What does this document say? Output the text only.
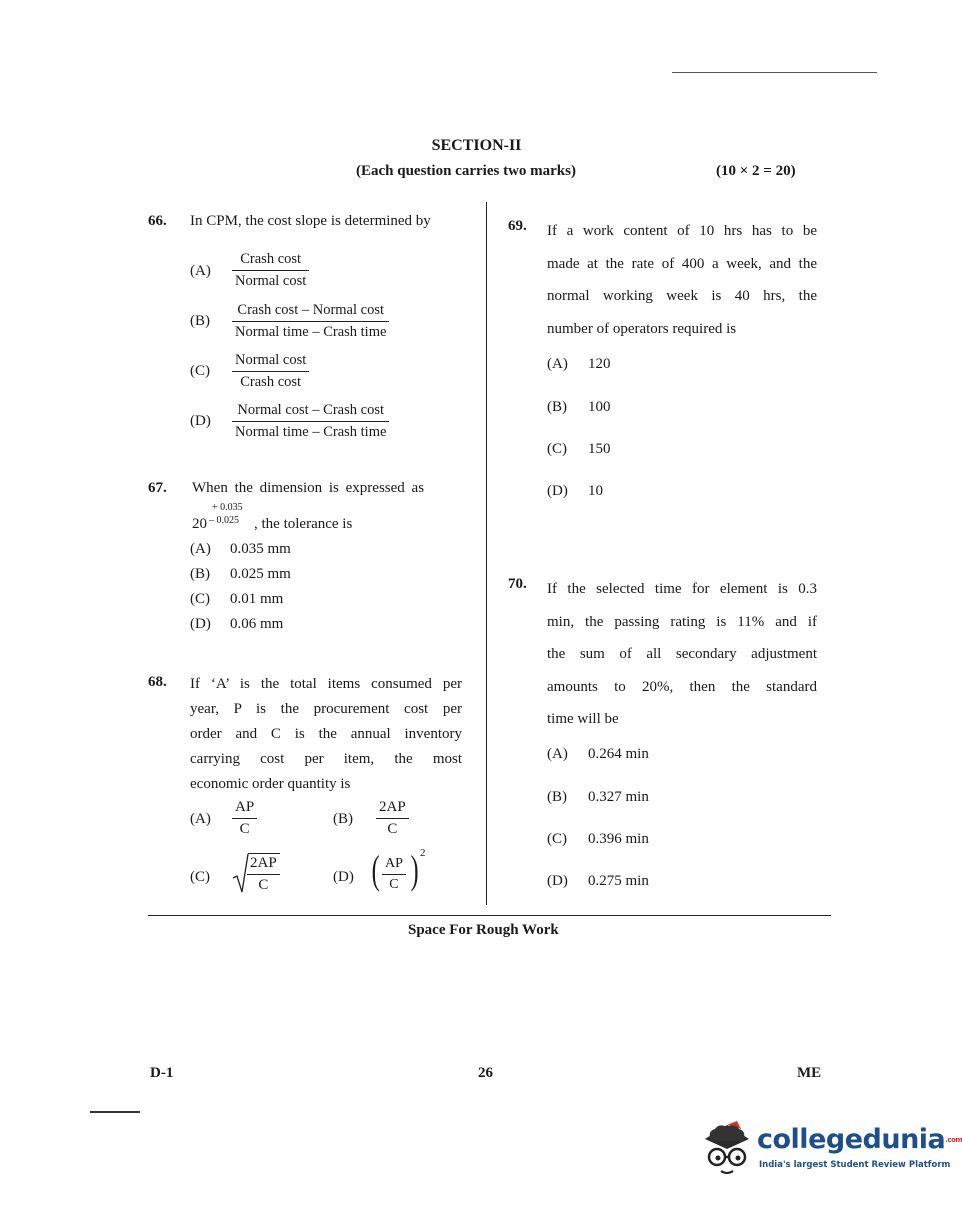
SECTION-II
(Each question carries two marks)	(10 × 2 = 20)
66. In CPM, the cost slope is determined by
(A)
Crash cost
Normal cost
(B)
Crash cost – Normal cost
Normal time – Crash time
(C)
Normal cost
Crash cost
(D)
Normal cost – Crash cost
Normal time – Crash time
67. When the dimension is expressed as
+ 0.035
20 – 0.025 , the tolerance is
(A) 0.035 mm
(B) 0.025 mm
(C) 0.01 mm
(D) 0.06 mm
68. If ‘A’ is the total items consumed per
year, P is the procurement cost per
order and C is the annual inventory
carrying cost per item, the most
economic order quantity is
$(A) \frac{AP}{C}$	$(B) \frac{2AP}{C}$
$(C) \frac{2AP}{C}$	(D) ( $\frac{AP}{C}$ ) 2
69. If a work content of 10 hrs has to be
made at the rate of 400 a week, and the
normal working week is 40 hrs, the
number of operators required is
(A) 120
(B) 100
(C) 150
(D) 10
70. If the selected time for element is 0.3
min, the passing rating is 11% and if
the sum of all secondary adjustment
amounts to 20%, then the standard
time will be
(A) 0.264 min
(B) 0.327 min
(C) 0.396 min
(D) 0.275 min
Space For Rough Work
D-1	26	ME
collegedunia.com
India's largest Student Review Platform
